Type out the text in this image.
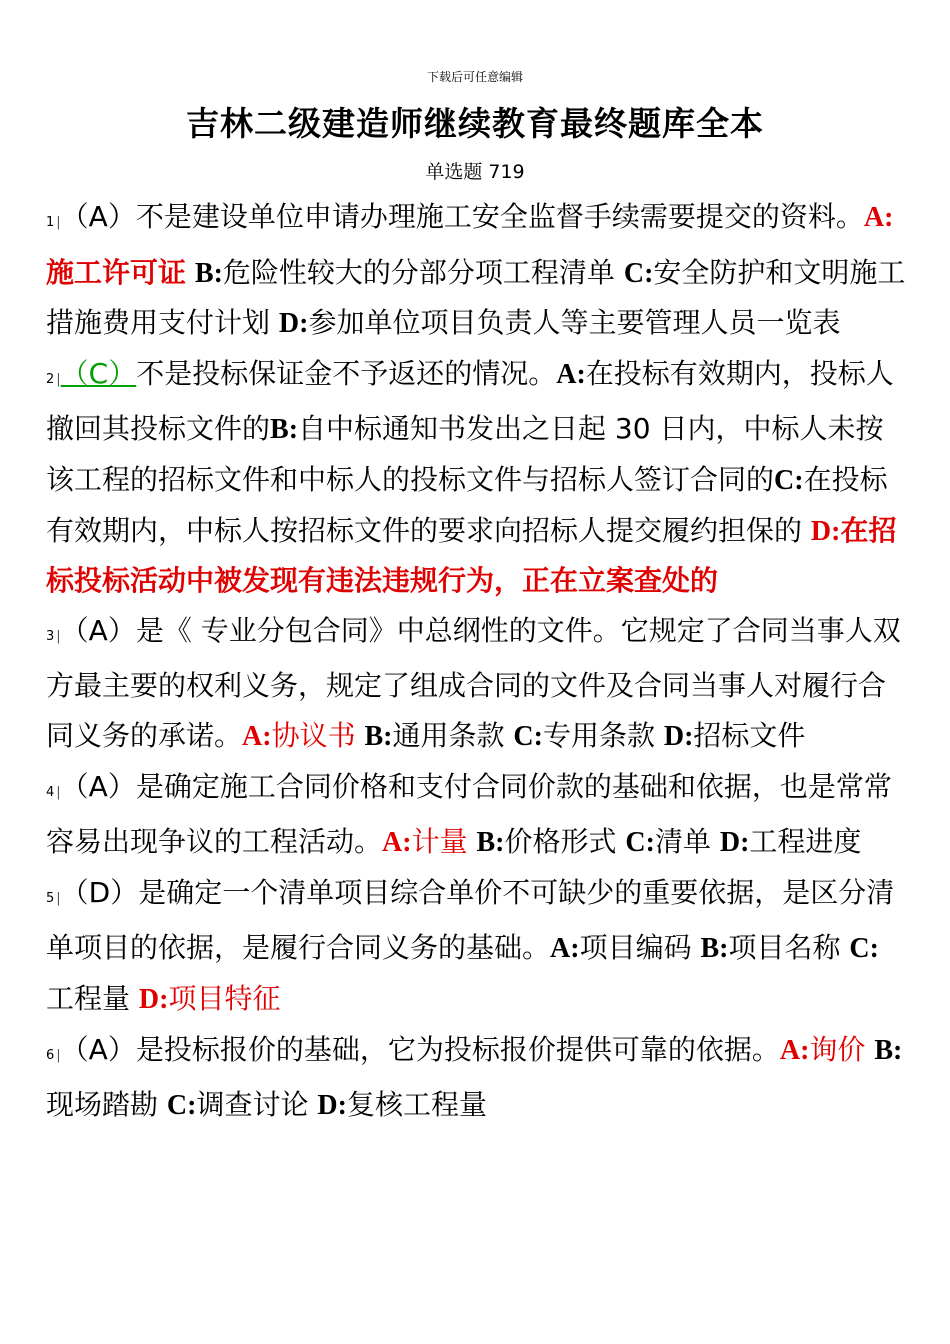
下载后可任意编辑
吉林二级建造师继续教育最终题库全本
单选题 719

1 |（A）不是建设单位申请办理施工安全监督手续需要提交的资料。A:施工许可证 B:危险性较大的分部分项工程清单 C:安全防护和文明施工措施费用支付计划 D:参加单位项目负责人等主要管理人员一览表

2 |（C）不是投标保证金不予返还的情况。A:在投标有效期内，投标人撤回其投标文件的B:自中标通知书发出之日起 30 日内，中标人未按该工程的招标文件和中标人的投标文件与招标人签订合同的C:在投标有效期内，中标人按招标文件的要求向招标人提交履约担保的 D:在招标投标活动中被发现有违法违规行为，正在立案查处的

3 |（A）是《 专业分包合同》中总纲性的文件。它规定了合同当事人双方最主要的权利义务，规定了组成合同的文件及合同当事人对履行合同义务的承诺。A:协议书 B:通用条款 C:专用条款 D:招标文件

4 |（A）是确定施工合同价格和支付合同价款的基础和依据，也是常常容易出现争议的工程活动。A:计量 B:价格形式 C:清单 D:工程进度

5 |（D）是确定一个清单项目综合单价不可缺少的重要依据，是区分清单项目的依据，是履行合同义务的基础。A:项目编码 B:项目名称 C:工程量 D:项目特征

6 |（A）是投标报价的基础，它为投标报价提供可靠的依据。A:询价 B:现场踏勘 C:调查讨论 D:复核工程量
